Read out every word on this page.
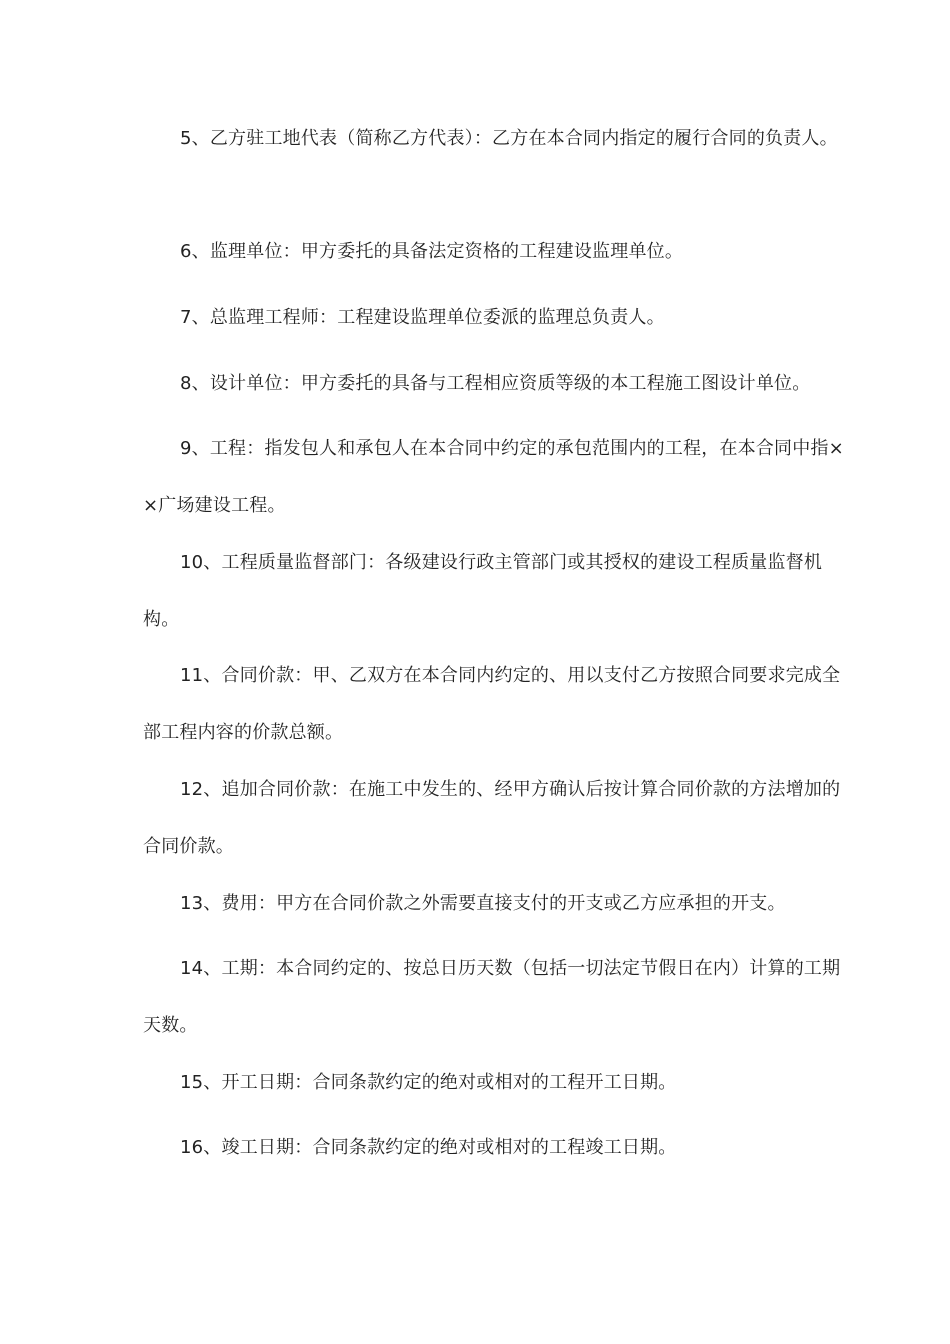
5、乙方驻工地代表（简称乙方代表）：乙方在本合同内指定的履行合同的负责人。

6、监理单位：甲方委托的具备法定资格的工程建设监理单位。

7、总监理工程师：工程建设监理单位委派的监理总负责人。

8、设计单位：甲方委托的具备与工程相应资质等级的本工程施工图设计单位。

9、工程：指发包人和承包人在本合同中约定的承包范围内的工程，在本合同中指××广场建设工程。

10、工程质量监督部门：各级建设行政主管部门或其授权的建设工程质量监督机构。

11、合同价款：甲、乙双方在本合同内约定的、用以支付乙方按照合同要求完成全部工程内容的价款总额。

12、追加合同价款：在施工中发生的、经甲方确认后按计算合同价款的方法增加的合同价款。

13、费用：甲方在合同价款之外需要直接支付的开支或乙方应承担的开支。

14、工期：本合同约定的、按总日历天数（包括一切法定节假日在内）计算的工期天数。

15、开工日期：合同条款约定的绝对或相对的工程开工日期。

16、竣工日期：合同条款约定的绝对或相对的工程竣工日期。
